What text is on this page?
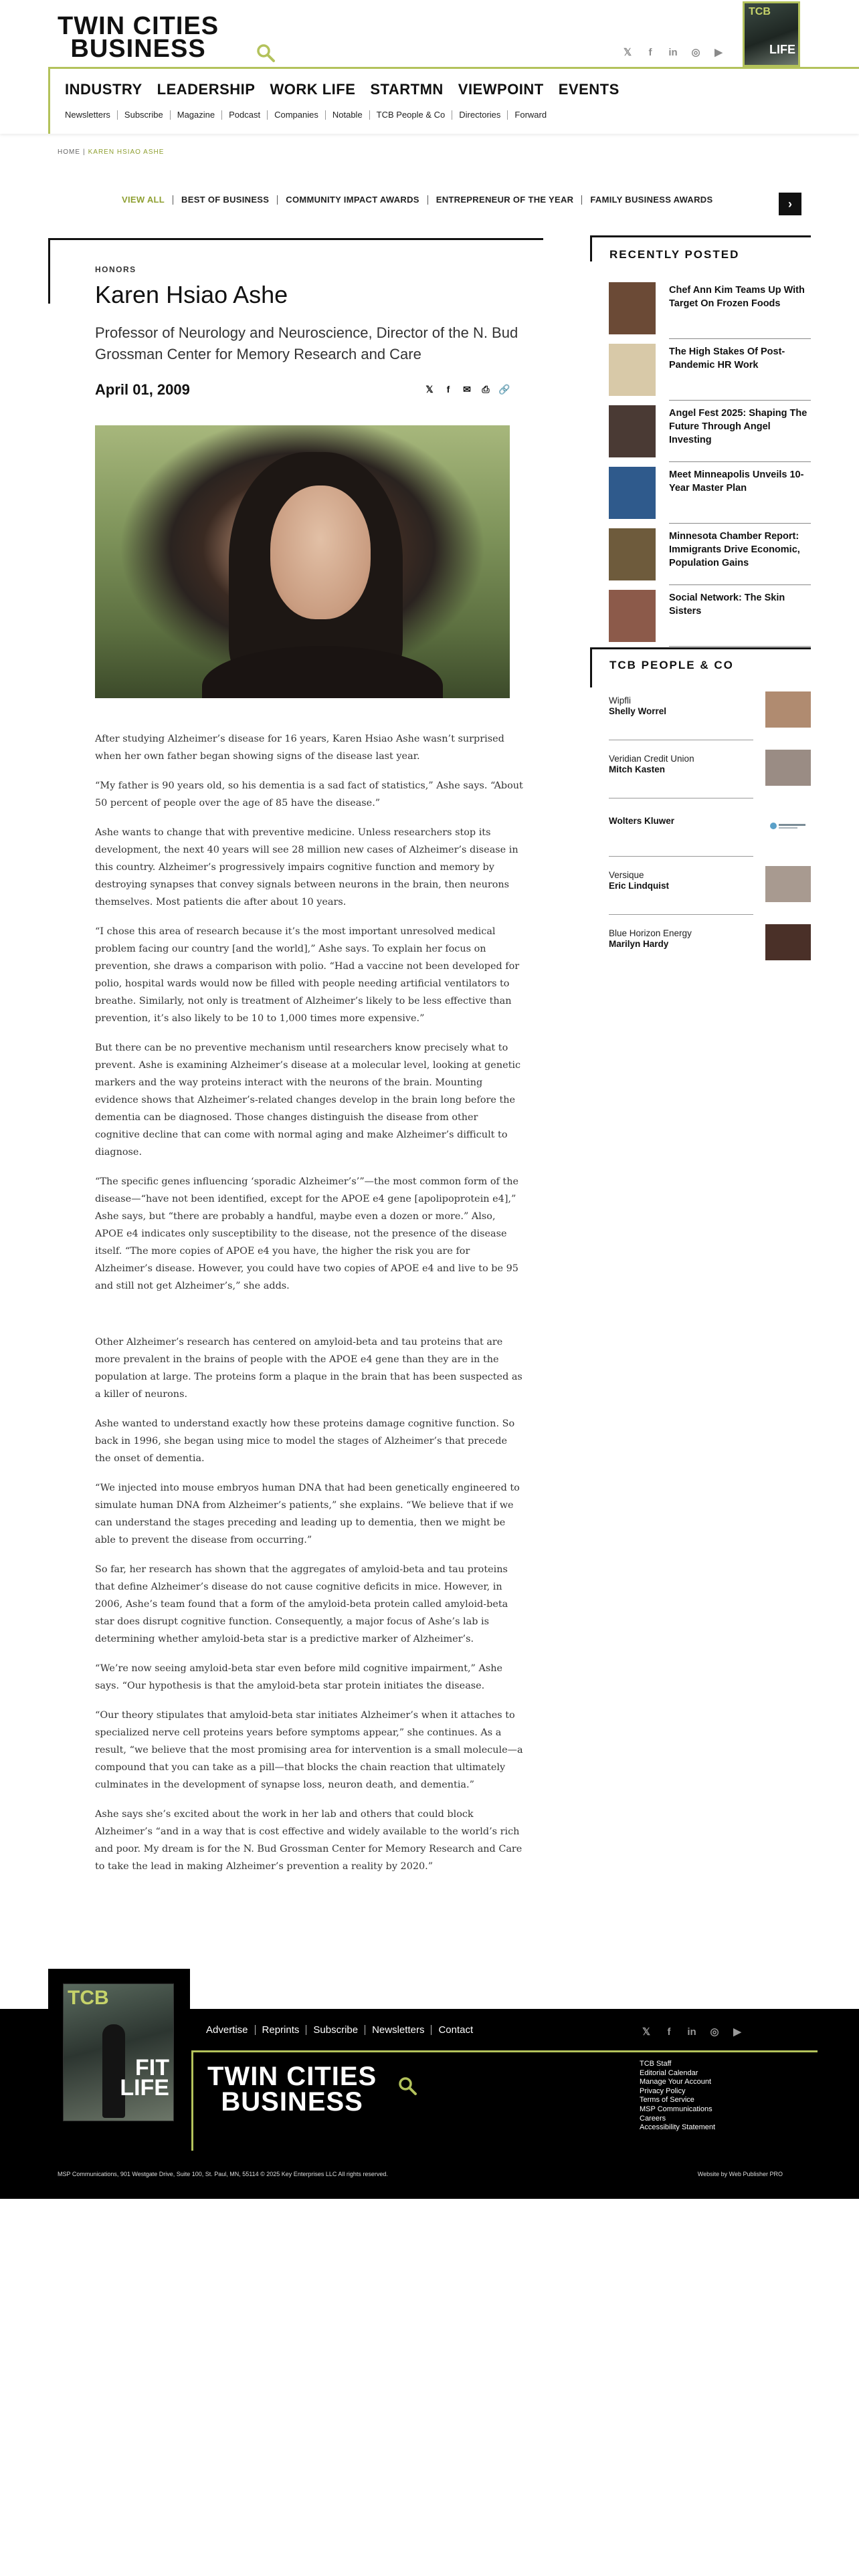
TWIN CITIES
BUSINESS	𝕏	f	in ◎ ▶
TCB
LIFE
INDUSTRY LEADERSHIP WORK LIFE STARTMN VIEWPOINT EVENTS
Newsletters	Subscribe	Magazine	Podcast	Companies	Notable	TCB People & Co	Directories	Forward
HOME | KAREN HSIAO ASHE
VIEW ALL	BEST OF BUSINESS	COMMUNITY IMPACT AWARDS	ENTREPRENEUR OF THE YEAR	FAMILY BUSINESS AWARDS	›
HONORS
Karen Hsiao Ashe
Professor of Neurology and Neuroscience, Director of the N. Bud Grossman Center for Memory Research and Care
April 01, 2009	𝕏	f	✉ ⎙ 🔗

After studying Alzheimer’s disease for 16 years, Karen Hsiao Ashe wasn’t surprised when her own father began showing signs of the disease last year.

“My father is 90 years old, so his dementia is a sad fact of statistics,” Ashe says. “About 50 percent of people over the age of 85 have the disease.”

Ashe wants to change that with preventive medicine. Unless researchers stop its development, the next 40 years will see 28 million new cases of Alzheimer’s disease in this country. Alzheimer’s progressively impairs cognitive function and memory by destroying synapses that convey signals between neurons in the brain, then neurons themselves. Most patients die after about 10 years.

“I chose this area of research because it’s the most important unresolved medical problem facing our country [and the world],” Ashe says. To explain her focus on prevention, she draws a comparison with polio. “Had a vaccine not been developed for polio, hospital wards would now be filled with people needing artificial ventilators to breathe. Similarly, not only is treatment of Alzheimer’s likely to be less effective than prevention, it’s also likely to be 10 to 1,000 times more expensive.”

But there can be no preventive mechanism until researchers know precisely what to prevent. Ashe is examining Alzheimer’s disease at a molecular level, looking at genetic markers and the way proteins interact with the neurons of the brain. Mounting evidence shows that Alzheimer’s-related changes develop in the brain long before the dementia can be diagnosed. Those changes distinguish the disease from other cognitive decline that can come with normal aging and make Alzheimer’s difficult to diagnose.

“The specific genes influencing ‘sporadic Alzheimer’s’”—the most common form of the disease—“have not been identified, except for the APOE e4 gene [apolipoprotein e4],” Ashe says, but “there are probably a handful, maybe even a dozen or more.” Also, APOE e4 indicates only susceptibility to the disease, not the presence of the disease itself. “The more copies of APOE e4 you have, the higher the risk you are for Alzheimer’s disease. However, you could have two copies of APOE e4 and live to be 95 and still not get Alzheimer’s,” she adds.

Other Alzheimer’s research has centered on amyloid-beta and tau proteins that are more prevalent in the brains of people with the APOE e4 gene than they are in the population at large. The proteins form a plaque in the brain that has been suspected as a killer of neurons.

Ashe wanted to understand exactly how these proteins damage cognitive function. So back in 1996, she began using mice to model the stages of Alzheimer’s that precede the onset of dementia.

“We injected into mouse embryos human DNA that had been genetically engineered to simulate human DNA from Alzheimer’s patients,” she explains. “We believe that if we can understand the stages preceding and leading up to dementia, then we might be able to prevent the disease from occurring.”

So far, her research has shown that the aggregates of amyloid-beta and tau proteins that define Alzheimer’s disease do not cause cognitive deficits in mice. However, in 2006, Ashe’s team found that a form of the amyloid-beta protein called amyloid-beta star does disrupt cognitive function. Consequently, a major focus of Ashe’s lab is determining whether amyloid-beta star is a predictive marker of Alzheimer’s.

“We’re now seeing amyloid-beta star even before mild cognitive impairment,” Ashe says. “Our hypothesis is that the amyloid-beta star protein initiates the disease.

“Our theory stipulates that amyloid-beta star initiates Alzheimer’s when it attaches to specialized nerve cell proteins years before symptoms appear,” she continues. As a result, “we believe that the most promising area for intervention is a small molecule—a compound that you can take as a pill—that blocks the chain reaction that ultimately culminates in the development of synapse loss, neuron death, and dementia.”

Ashe says she’s excited about the work in her lab and others that could block Alzheimer’s “and in a way that is cost effective and widely available to the world’s rich and poor. My dream is for the N. Bud Grossman Center for Memory Research and Care to take the lead in making Alzheimer’s prevention a reality by 2020.”

RECENTLY POSTED
Chef Ann Kim Teams Up With Target On Frozen Foods
The High Stakes Of Post-Pandemic HR Work
Angel Fest 2025: Shaping The Future Through Angel Investing
Meet Minneapolis Unveils 10-Year Master Plan
Minnesota Chamber Report: Immigrants Drive Economic, Population Gains
Social Network: The Skin Sisters
TCB PEOPLE & CO
Wipfli
Shelly Worrel
Veridian Credit Union
Mitch Kasten
Wolters Kluwer
Versique
Eric Lindquist
Blue Horizon Energy
Marilyn Hardy
TCB
FIT
LIFE
Advertise	Reprints	Subscribe	Newsletters	Contact
TWIN CITIES
BUSINESS
𝕏	f	in ◎ ▶
TCB Staff
Editorial Calendar
Manage Your Account
Privacy Policy
Terms of Service
MSP Communications
Careers
Accessibility Statement
MSP Communications, 901 Westgate Drive, Suite 100, St. Paul, MN, 55114 © 2025 Key Enterprises LLC All rights reserved.	Website by Web Publisher PRO
